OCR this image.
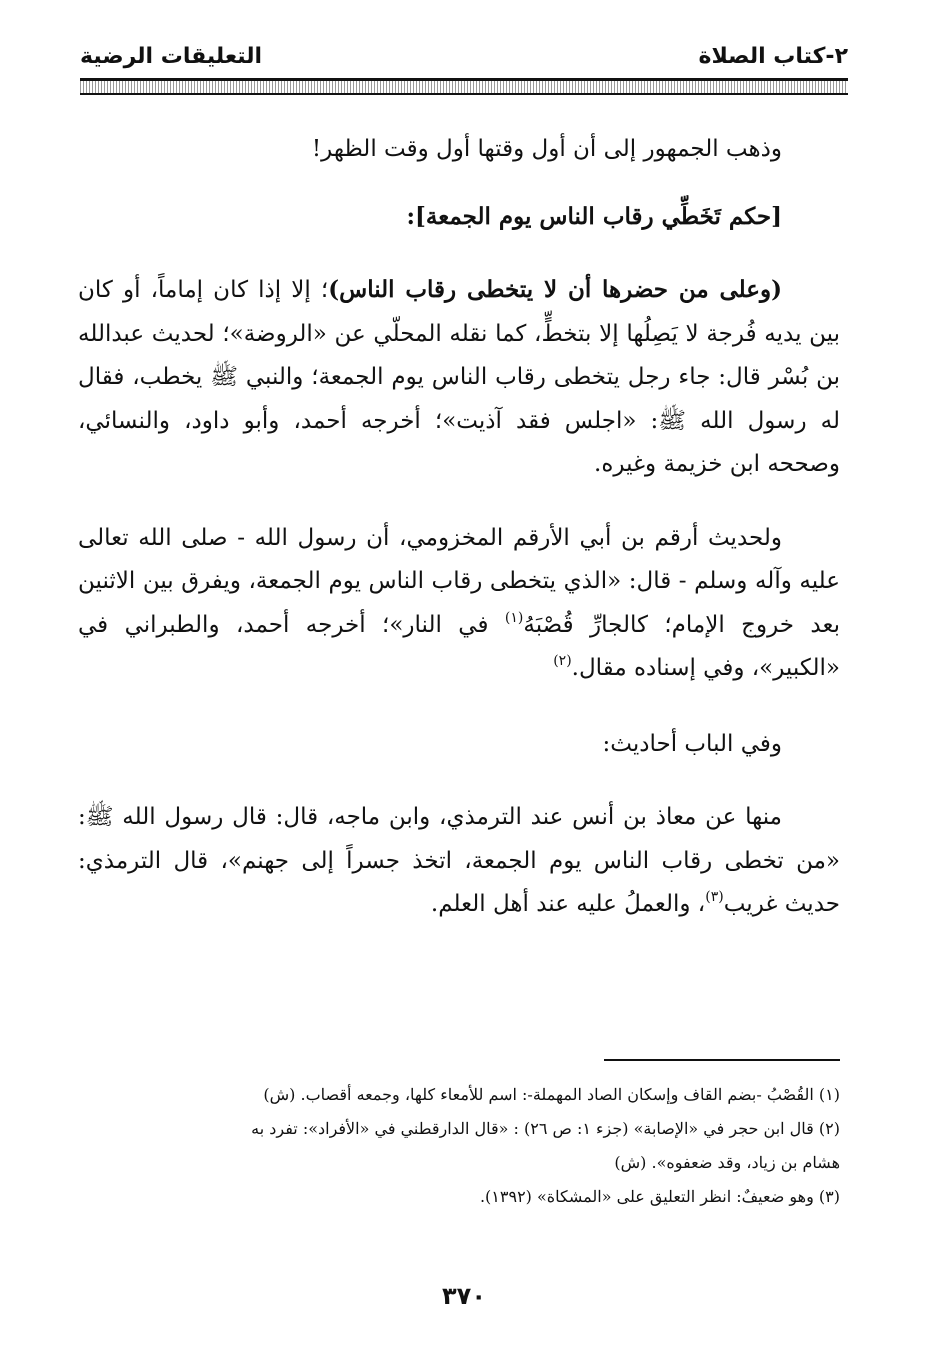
٢-كتاب الصلاة
التعليقات الرضية

وذهب الجمهور إلى أن أول وقتها أول وقت الظهر!

[حكم تَخَطِّي رقاب الناس يوم الجمعة]:

(وعلى من حضرها أن لا يتخطى رقاب الناس)؛ إلا إذا كان إماماً، أو كان بين يديه فُرجة لا يَصِلُها إلا بتخطٍّ، كما نقله المحلّي عن «الروضة»؛ لحديث عبدالله بن بُسْر قال: جاء رجل يتخطى رقاب الناس يوم الجمعة؛ والنبي ﷺ يخطب، فقال له رسول الله ﷺ: «اجلس فقد آذيت»؛ أخرجه أحمد، وأبو داود، والنسائي، وصححه ابن خزيمة وغيره.

ولحديث أرقم بن أبي الأرقم المخزومي، أن رسول الله - صلى الله تعالى عليه وآله وسلم - قال: «الذي يتخطى رقاب الناس يوم الجمعة، ويفرق بين الاثنين بعد خروج الإمام؛ كالجارِّ قُصْبَهُ$^{(١)}$ في النار»؛ أخرجه أحمد، والطبراني في «الكبير»، وفي إسناده مقال.$^{(٢)}$

وفي الباب أحاديث:

منها عن معاذ بن أنس عند الترمذي، وابن ماجه، قال: قال رسول الله ﷺ: «من تخطى رقاب الناس يوم الجمعة، اتخذ جسراً إلى جهنم»، قال الترمذي: حديث غريب$^{(٣)}$، والعملُ عليه عند أهل العلم.

(١) القُصْبُ -بضم القاف وإسكان الصاد المهملة-: اسم للأمعاء كلها، وجمعه أقصاب. (ش)

(٢) قال ابن حجر في «الإصابة» (جزء ١: ص ٢٦) : «قال الدارقطني في «الأفراد»: تفرد به

هشام بن زياد، وقد ضعفوه». (ش)

(٣) وهو ضعيفٌ: انظر التعليق على «المشكاة» (١٣٩٢).

٣٧٠
